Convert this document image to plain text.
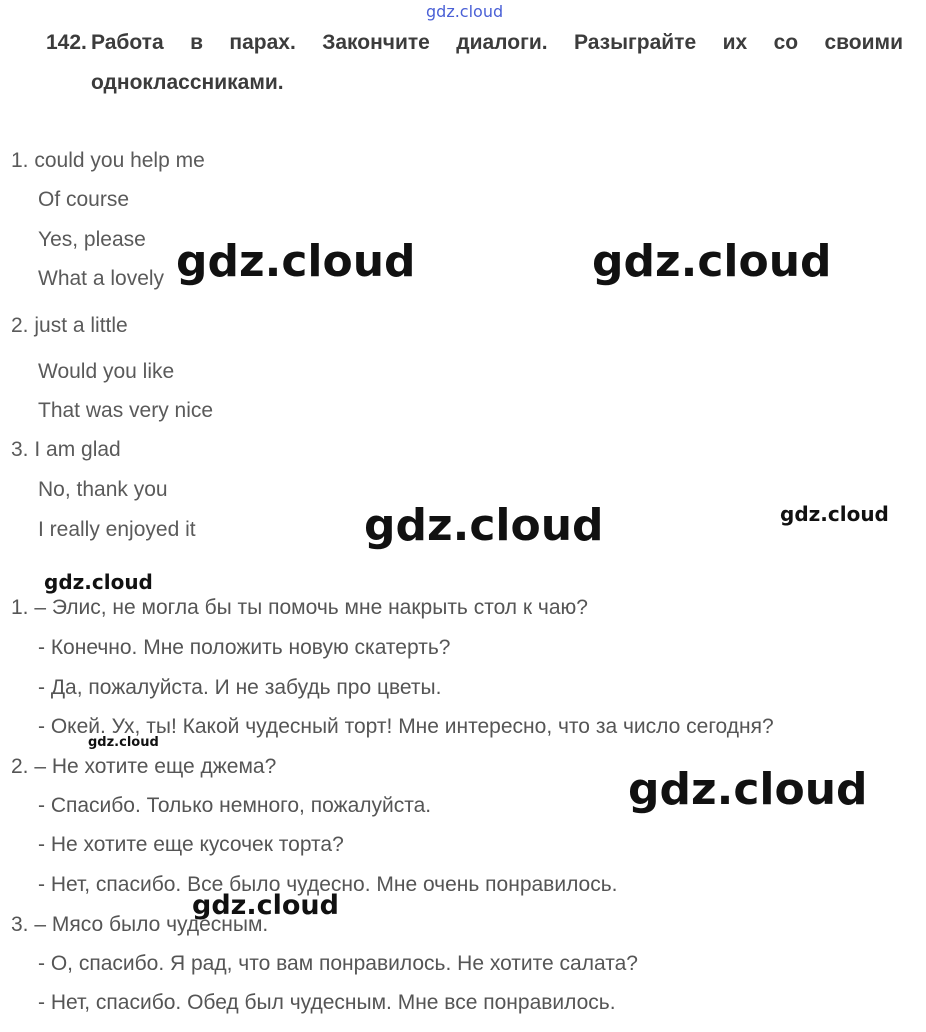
gdz.cloud
142. Работа в парах. Закончите диалоги. Разыграйте их со своими
одноклассниками.
1. could you help me
Of course
Yes, please
What a lovely
2. just a little
Would you like
That was very nice
3. I am glad
No, thank you
I really enjoyed it
1. – Элис, не могла бы ты помочь мне накрыть стол к чаю?
- Конечно. Мне положить новую скатерть?
- Да, пожалуйста. И не забудь про цветы.
- Окей. Ух, ты! Какой чудесный торт! Мне интересно, что за число сегодня?
2. – Не хотите еще джема?
- Спасибо. Только немного, пожалуйста.
- Не хотите еще кусочек торта?
- Нет, спасибо. Все было чудесно. Мне очень понравилось.
3. – Мясо было чудесным.
- О, спасибо. Я рад, что вам понравилось. Не хотите салата?
- Нет, спасибо. Обед был чудесным. Мне все понравилось.
gdz.cloud	gdz.cloud
gdz.cloud	gdz.cloud
gdz.cloud
gdz.cloud
gdz.cloud
gdz.cloud
